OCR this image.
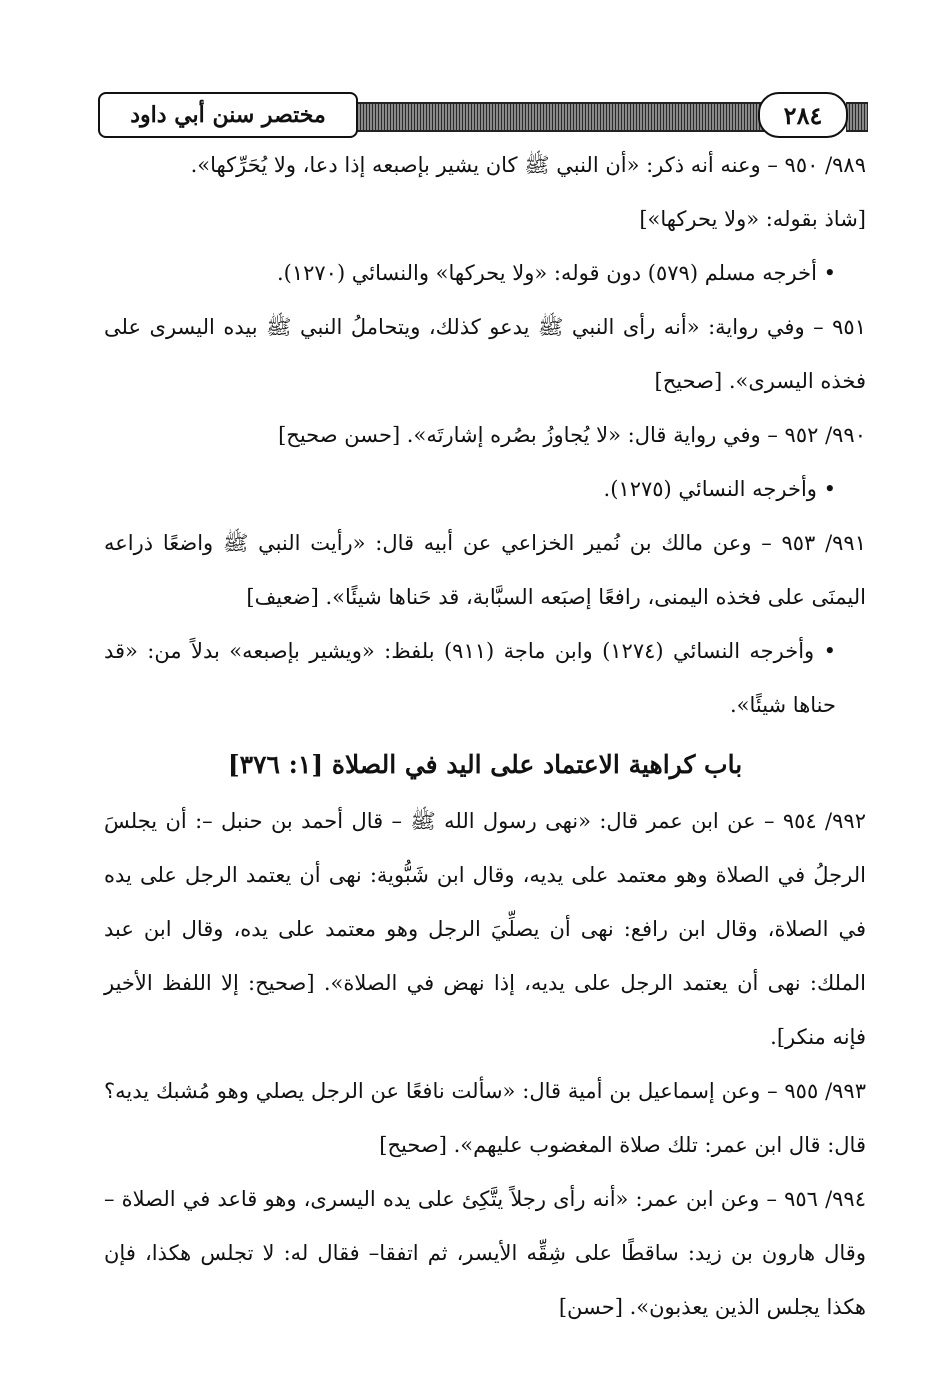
مختصر سنن أبي داود	٢٨٤

٩٨٩/ ٩٥٠ – وعنه أنه ذكر: «أن النبي ﷺ كان يشير بإصبعه إذا دعا، ولا يُحَرِّكها».

[شاذ بقوله: «ولا يحركها»]

• أخرجه مسلم (٥٧٩) دون قوله: «ولا يحركها» والنسائي (١٢٧٠).

٩٥١ – وفي رواية: «أنه رأى النبي ﷺ يدعو كذلك، ويتحاملُ النبي ﷺ بيده اليسرى على فخذه اليسرى». [صحيح]

٩٩٠/ ٩٥٢ – وفي رواية قال: «لا يُجاوزُ بصُره إشارتَه». [حسن صحيح]

• وأخرجه النسائي (١٢٧٥).

٩٩١/ ٩٥٣ – وعن مالك بن نُمير الخزاعي عن أبيه قال: «رأيت النبي ﷺ واضعًا ذراعه اليمنَى على فخذه اليمنى، رافعًا إصبَعه السبَّابة، قد حَناها شيئًا». [ضعيف]

• وأخرجه النسائي (١٢٧٤) وابن ماجة (٩١١) بلفظ: «ويشير بإصبعه» بدلاً من: «قد حناها شيئًا».

باب كراهية الاعتماد على اليد في الصلاة [١: ٣٧٦]

٩٩٢/ ٩٥٤ – عن ابن عمر قال: «نهى رسول الله ﷺ – قال أحمد بن حنبل –: أن يجلسَ الرجلُ في الصلاة وهو معتمد على يديه، وقال ابن شَبُّوية: نهى أن يعتمد الرجل على يده في الصلاة، وقال ابن رافع: نهى أن يصلِّيَ الرجل وهو معتمد على يده، وقال ابن عبد الملك: نهى أن يعتمد الرجل على يديه، إذا نهض في الصلاة». [صحيح: إلا اللفظ الأخير فإنه منكر].

٩٩٣/ ٩٥٥ – وعن إسماعيل بن أمية قال: «سألت نافعًا عن الرجل يصلي وهو مُشبك يديه؟ قال: قال ابن عمر: تلك صلاة المغضوب عليهم». [صحيح]

٩٩٤/ ٩٥٦ – وعن ابن عمر: «أنه رأى رجلاً يتَّكِئ على يده اليسرى، وهو قاعد في الصلاة –وقال هارون بن زيد: ساقطًا على شِقِّه الأيسر، ثم اتفقا– فقال له: لا تجلس هكذا، فإن هكذا يجلس الذين يعذبون». [حسن]
